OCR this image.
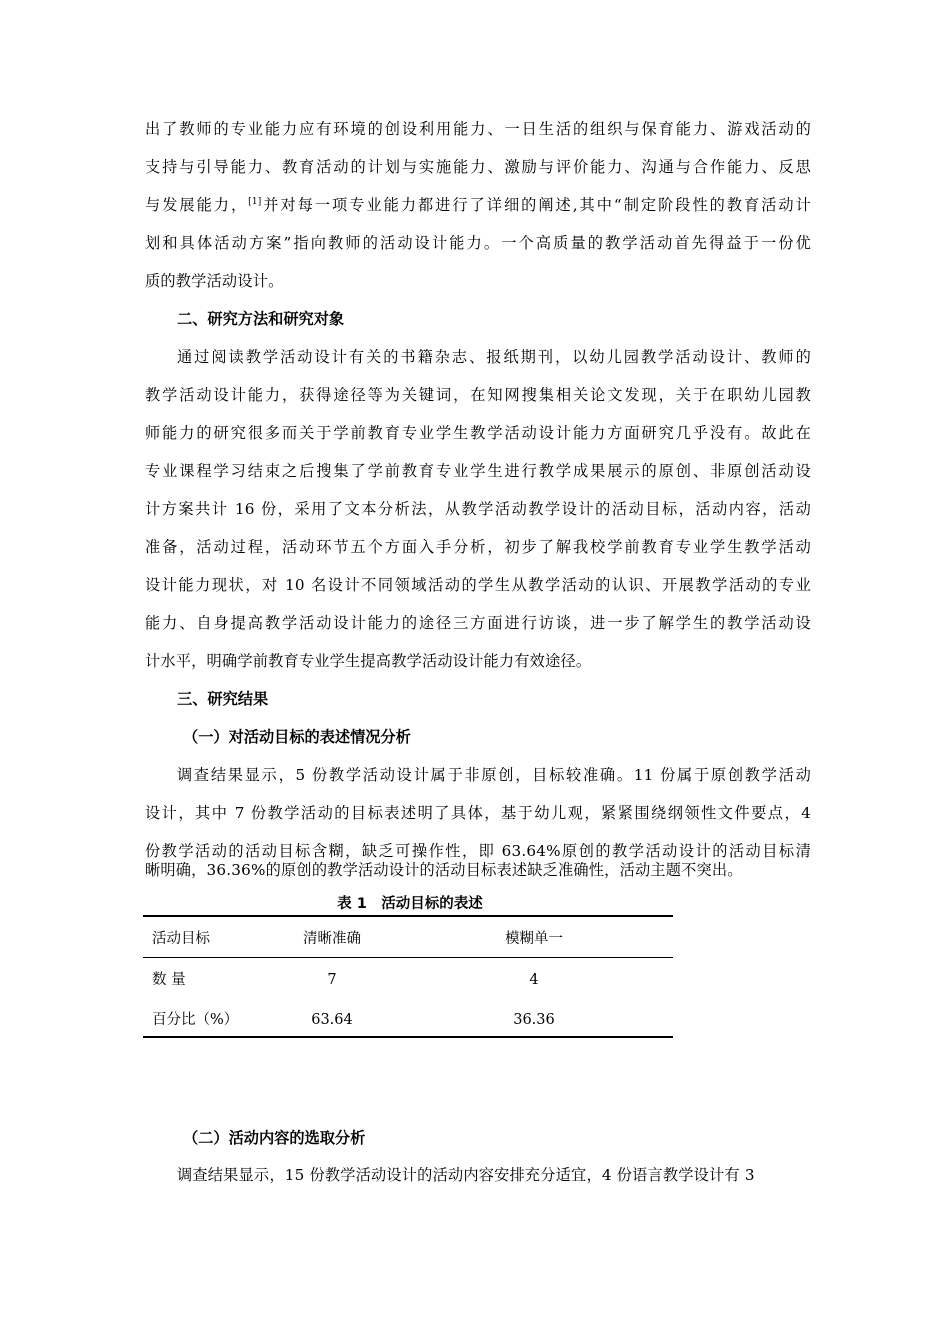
出了教师的专业能力应有环境的创设利用能力、一日生活的组织与保育能力、游戏活动的
支持与引导能力、教育活动的计划与实施能力、激励与评价能力、沟通与合作能力、反思
与发展能力，[1]并对每一项专业能力都进行了详细的阐述,其中“制定阶段性的教育活动计
划和具体活动方案”指向教师的活动设计能力。一个高质量的教学活动首先得益于一份优
质的教学活动设计。
二、研究方法和研究对象
通过阅读教学活动设计有关的书籍杂志、报纸期刊，以幼儿园教学活动设计、教师的
教学活动设计能力，获得途径等为关键词，在知网搜集相关论文发现，关于在职幼儿园教
师能力的研究很多而关于学前教育专业学生教学活动设计能力方面研究几乎没有。故此在
专业课程学习结束之后搜集了学前教育专业学生进行教学成果展示的原创、非原创活动设
计方案共计 16 份，采用了文本分析法，从教学活动教学设计的活动目标，活动内容，活动
准备，活动过程，活动环节五个方面入手分析，初步了解我校学前教育专业学生教学活动
设计能力现状，对 10 名设计不同领域活动的学生从教学活动的认识、开展教学活动的专业
能力、自身提高教学活动设计能力的途径三方面进行访谈，进一步了解学生的教学活动设
计水平，明确学前教育专业学生提高教学活动设计能力有效途径。
三、研究结果
（一）对活动目标的表述情况分析
调查结果显示，5 份教学活动设计属于非原创，目标较准确。11 份属于原创教学活动
设计，其中 7 份教学活动的目标表述明了具体，基于幼儿观，紧紧围绕纲领性文件要点，4
份教学活动的活动目标含糊，缺乏可操作性，即 63.64%原创的教学活动设计的活动目标清
晰明确，36.36%的原创的教学活动设计的活动目标表述缺乏准确性，活动主题不突出。
表 1　活动目标的表述
活动目标	清晰准确	模糊单一
数 量	7	4
百分比（%）	63.64	36.36
（二）活动内容的选取分析
调查结果显示，15 份教学活动设计的活动内容安排充分适宜，4 份语言教学设计有 3
